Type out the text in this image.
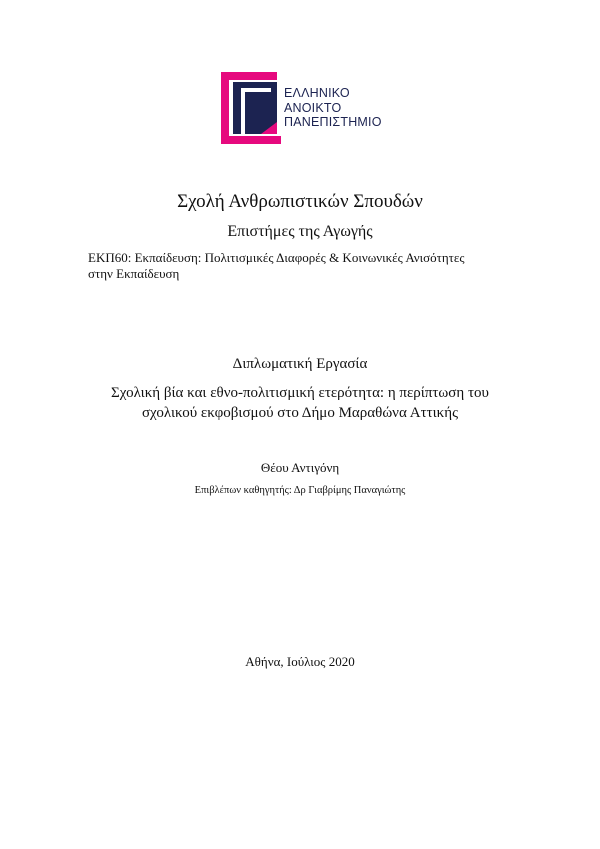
ΕΛΛΗΝΙΚΟ
ΑΝΟΙΚΤΟ
ΠΑΝΕΠΙΣΤΗΜΙΟ
Σχολή Ανθρωπιστικών Σπουδών
Επιστήμες της Αγωγής
ΕΚΠ60: Εκπαίδευση: Πολιτισμικές Διαφορές & Κοινωνικές Ανισότητες
στην Εκπαίδευση
Διπλωματική Εργασία
Σχολική βία και εθνο-πολιτισμική ετερότητα: η περίπτωση του
σχολικού εκφοβισμού στο Δήμο Μαραθώνα Αττικής
Θέου Αντιγόνη
Επιβλέπων καθηγητής: Δρ Γιαβρίμης Παναγιώτης
Αθήνα, Ιούλιος 2020
